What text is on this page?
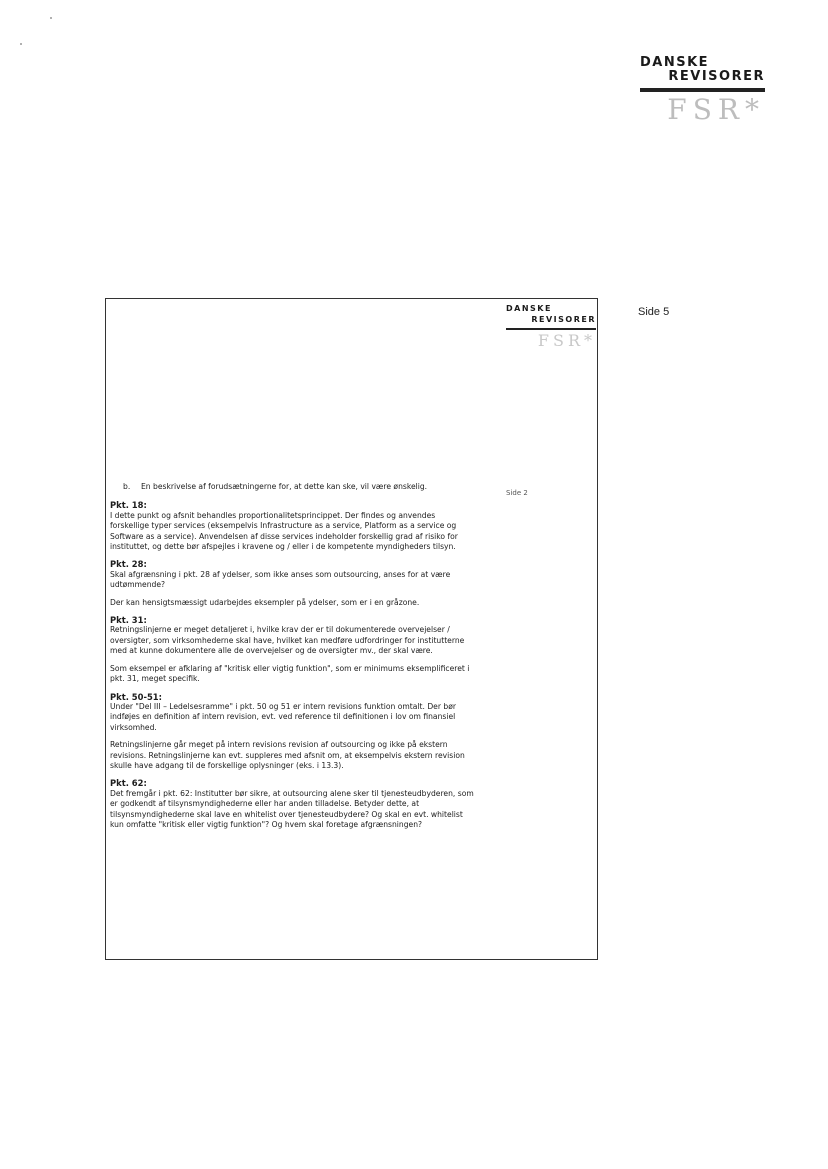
DANSKE
REVISORER
FSR*
Side 5
DANSKE
REVISORER
FSR*
Side 2
b.	En beskrivelse af forudsætningerne for, at dette kan ske, vil være ønskelig.
Pkt. 18:

I dette punkt og afsnit behandles proportionalitetsprincippet. Der findes og anvendes forskellige typer services (eksempelvis Infrastructure as a service, Platform as a service og Software as a service). Anvendelsen af disse services indeholder forskellig grad af risiko for instituttet, og dette bør afspejles i kravene og / eller i de kompetente myndigheders tilsyn.

Pkt. 28:

Skal afgrænsning i pkt. 28 af ydelser, som ikke anses som outsourcing, anses for at være udtømmende?

Der kan hensigtsmæssigt udarbejdes eksempler på ydelser, som er i en gråzone.

Pkt. 31:

Retningslinjerne er meget detaljeret i, hvilke krav der er til dokumenterede overvejelser / oversigter, som virksomhederne skal have, hvilket kan medføre udfordringer for institutterne med at kunne dokumentere alle de overvejelser og de oversigter mv., der skal være.

Som eksempel er afklaring af "kritisk eller vigtig funktion", som er minimums eksemplificeret i pkt. 31, meget specifik.

Pkt. 50-51:

Under "Del III – Ledelsesramme" i pkt. 50 og 51 er intern revisions funktion omtalt. Der bør indføjes en definition af intern revision, evt. ved reference til definitionen i lov om finansiel virksomhed.

Retningslinjerne går meget på intern revisions revision af outsourcing og ikke på ekstern revisions. Retningslinjerne kan evt. suppleres med afsnit om, at eksempelvis ekstern revision skulle have adgang til de forskellige oplysninger (eks. i 13.3).

Pkt. 62:

Det fremgår i pkt. 62: Institutter bør sikre, at outsourcing alene sker til tjenesteudbyderen, som er godkendt af tilsynsmyndighederne eller har anden tilladelse. Betyder dette, at tilsynsmyndighederne skal lave en whitelist over tjenesteudbydere? Og skal en evt. whitelist kun omfatte "kritisk eller vigtig funktion"? Og hvem skal foretage afgrænsningen?
